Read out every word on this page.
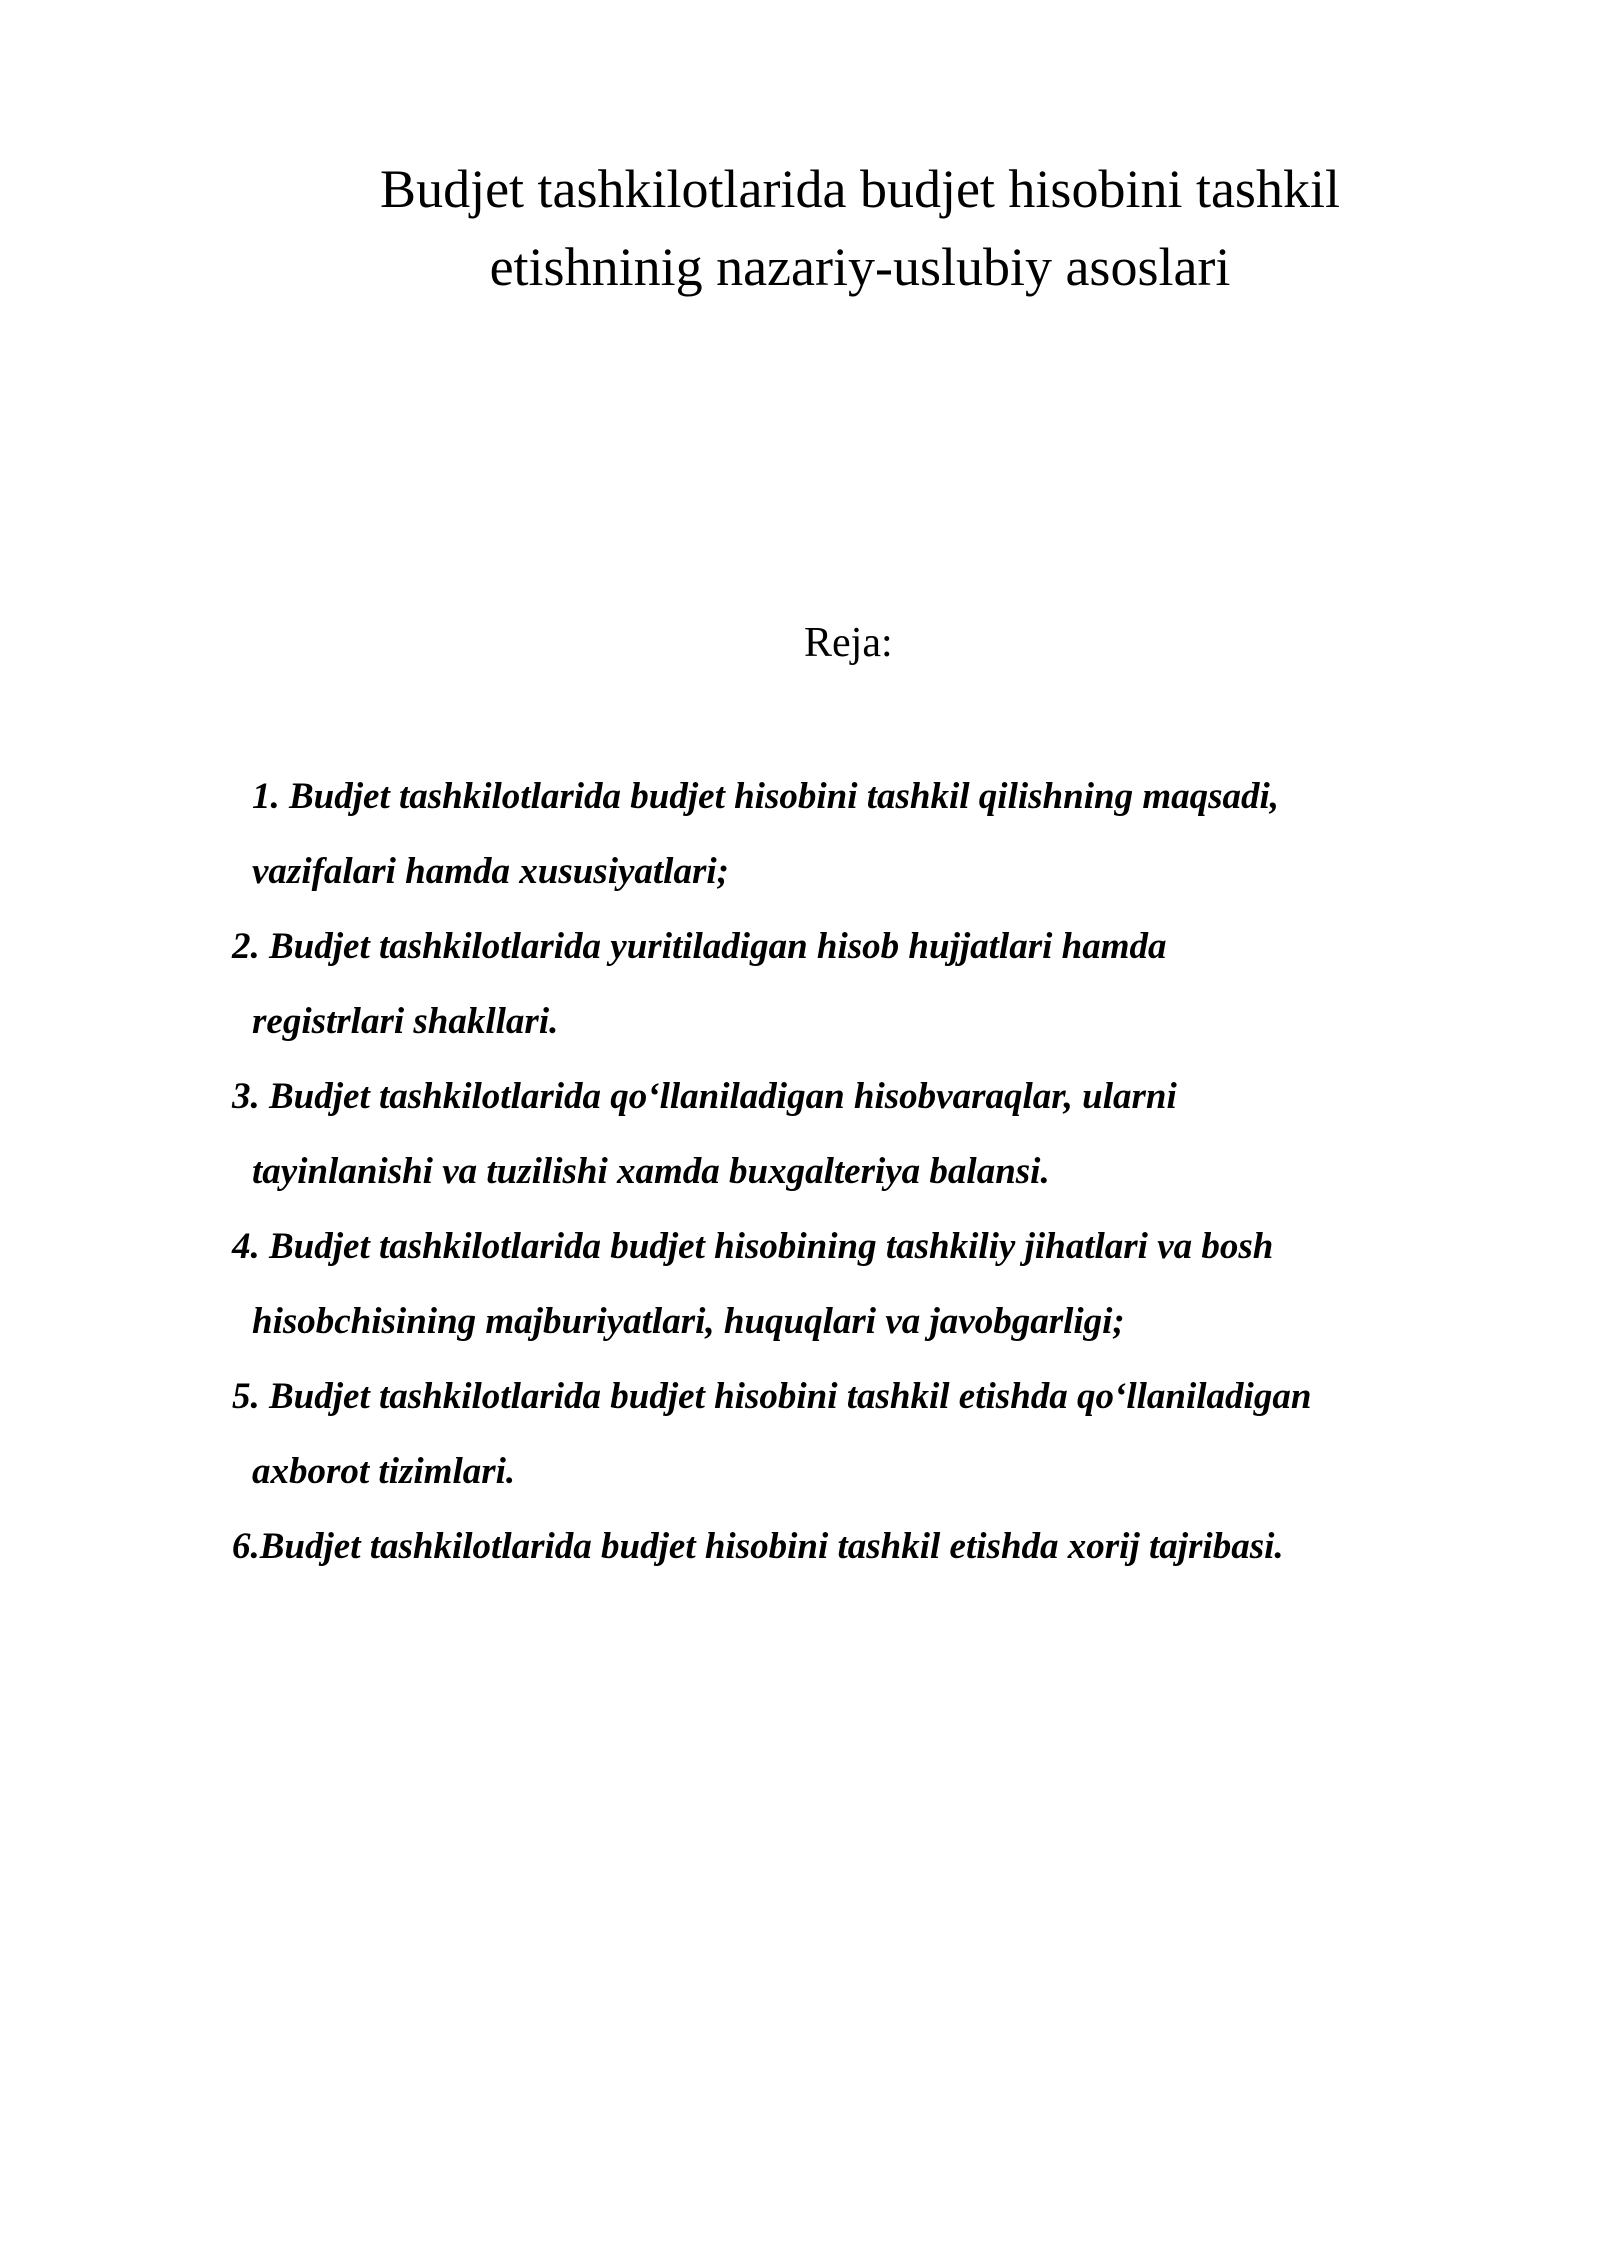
Budjet tashkilotlarida budjet hisobini tashkil
etishninig nazariy-uslubiy asoslari

Reja:

1. Budjet tashkilotlarida budjet hisobini tashkil qilishning maqsadi,
vazifalari hamda xususiyatlari;
2. Budjet tashkilotlarida yuritiladigan hisob hujjatlari hamda
registrlari shakllari.
3. Budjet tashkilotlarida qo‘llaniladigan hisobvaraqlar, ularni
tayinlanishi va tuzilishi xamda buxgalteriya balansi.
4. Budjet tashkilotlarida budjet hisobining tashkiliy jihatlari va bosh
hisobchisining majburiyatlari, huquqlari va javobgarligi;
5. Budjet tashkilotlarida budjet hisobini tashkil etishda qo‘llaniladigan
axborot tizimlari.
6.Budjet tashkilotlarida budjet hisobini tashkil etishda xorij tajribasi.
